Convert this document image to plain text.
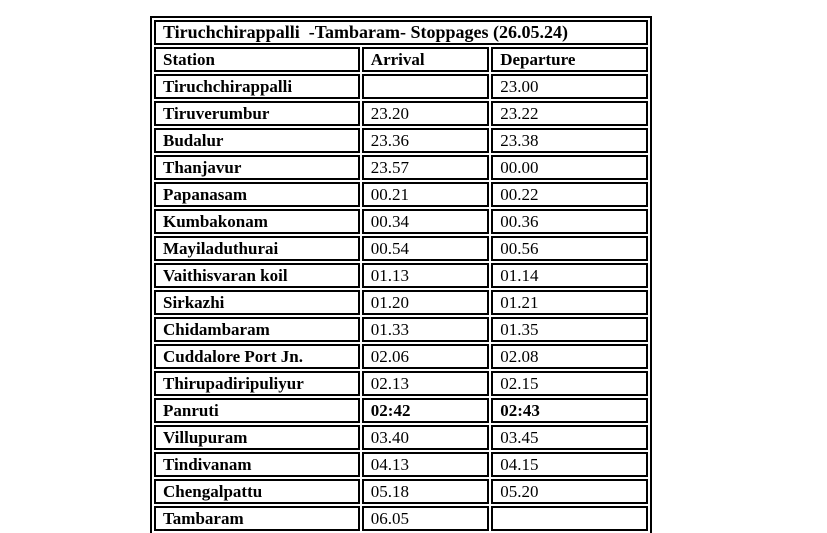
Tiruchchirappalli  -Tambaram- Stoppages (26.05.24)		
Station	Arrival	Departure
Tiruchchirappalli		23.00
Tiruverumbur	23.20	23.22
Budalur	23.36	23.38
Thanjavur	23.57	00.00
Papanasam	00.21	00.22
Kumbakonam	00.34	00.36
Mayiladuthurai	00.54	00.56
Vaithisvaran koil	01.13	01.14
Sirkazhi	01.20	01.21
Chidambaram	01.33	01.35
Cuddalore Port Jn.	02.06	02.08
Thirupadiripuliyur	02.13	02.15
Panruti	02:42	02:43
Villupuram	03.40	03.45
Tindivanam	04.13	04.15
Chengalpattu	05.18	05.20
Tambaram	06.05	
